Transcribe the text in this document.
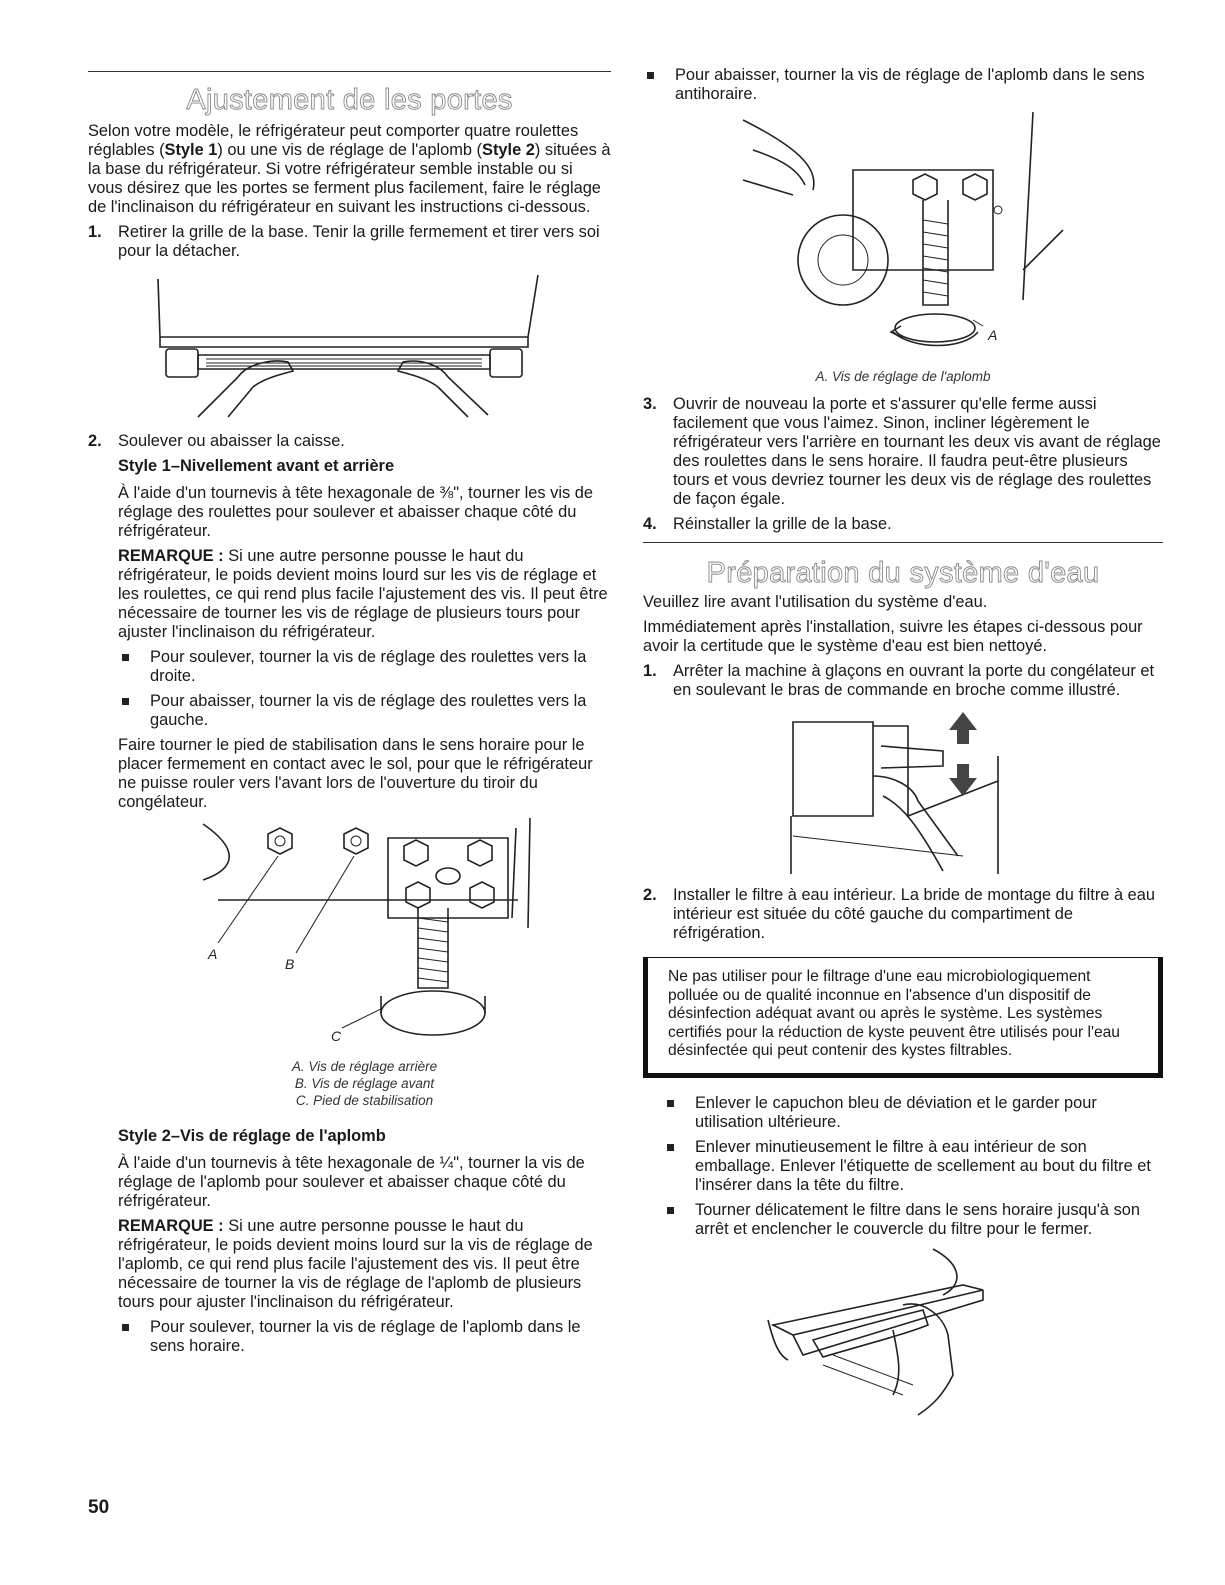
Ajustement de les portes

Selon votre modèle, le réfrigérateur peut comporter quatre roulettes réglables (Style 1) ou une vis de réglage de l'aplomb (Style 2) situées à la base du réfrigérateur. Si votre réfrigérateur semble instable ou si vous désirez que les portes se ferment plus facilement, faire le réglage de l'inclinaison du réfrigérateur en suivant les instructions ci-dessous.

1. Retirer la grille de la base. Tenir la grille fermement et tirer vers soi pour la détacher.
2. Soulever ou abaisser la caisse.
Style 1–Nivellement avant et arrière

À l'aide d'un tournevis à tête hexagonale de ⅜", tourner les vis de réglage des roulettes pour soulever et abaisser chaque côté du réfrigérateur.

REMARQUE : Si une autre personne pousse le haut du réfrigérateur, le poids devient moins lourd sur les vis de réglage et les roulettes, ce qui rend plus facile l'ajustement des vis. Il peut être nécessaire de tourner les vis de réglage de plusieurs tours pour ajuster l'inclinaison du réfrigérateur.

Pour soulever, tourner la vis de réglage des roulettes vers la droite.
Pour abaisser, tourner la vis de réglage des roulettes vers la gauche.

Faire tourner le pied de stabilisation dans le sens horaire pour le placer fermement en contact avec le sol, pour que le réfrigérateur ne puisse rouler vers l'avant lors de l'ouverture du tiroir du congélateur.

A
B
C
A. Vis de réglage arrière
B. Vis de réglage avant
C. Pied de stabilisation
Style 2–Vis de réglage de l'aplomb

À l'aide d'un tournevis à tête hexagonale de ¼", tourner la vis de réglage de l'aplomb pour soulever et abaisser chaque côté du réfrigérateur.

REMARQUE : Si une autre personne pousse le haut du réfrigérateur, le poids devient moins lourd sur la vis de réglage de l'aplomb, ce qui rend plus facile l'ajustement des vis. Il peut être nécessaire de tourner la vis de réglage de l'aplomb de plusieurs tours pour ajuster l'inclinaison du réfrigérateur.

Pour soulever, tourner la vis de réglage de l'aplomb dans le sens horaire.
Pour abaisser, tourner la vis de réglage de l'aplomb dans le sens antihoraire.
A
A. Vis de réglage de l'aplomb
3. Ouvrir de nouveau la porte et s'assurer qu'elle ferme aussi facilement que vous l'aimez. Sinon, incliner légèrement le réfrigérateur vers l'arrière en tournant les deux vis avant de réglage des roulettes dans le sens horaire. Il faudra peut-être plusieurs tours et vous devriez tourner les deux vis de réglage des roulettes de façon égale.
4. Réinstaller la grille de la base.
Préparation du système d'eau

Veuillez lire avant l'utilisation du système d'eau.

Immédiatement après l'installation, suivre les étapes ci-dessous pour avoir la certitude que le système d'eau est bien nettoyé.

1. Arrêter la machine à glaçons en ouvrant la porte du congélateur et en soulevant le bras de commande en broche comme illustré.
2. Installer le filtre à eau intérieur. La bride de montage du filtre à eau intérieur est située du côté gauche du compartiment de réfrigération.
Ne pas utiliser pour le filtrage d'une eau microbiologiquement polluée ou de qualité inconnue en l'absence d'un dispositif de désinfection adéquat avant ou après le système. Les systèmes certifiés pour la réduction de kyste peuvent être utilisés pour l'eau désinfectée qui peut contenir des kystes filtrables.
Enlever le capuchon bleu de déviation et le garder pour utilisation ultérieure.
Enlever minutieusement le filtre à eau intérieur de son emballage. Enlever l'étiquette de scellement au bout du filtre et l'insérer dans la tête du filtre.
Tourner délicatement le filtre dans le sens horaire jusqu'à son arrêt et enclencher le couvercle du filtre pour le fermer.
50
